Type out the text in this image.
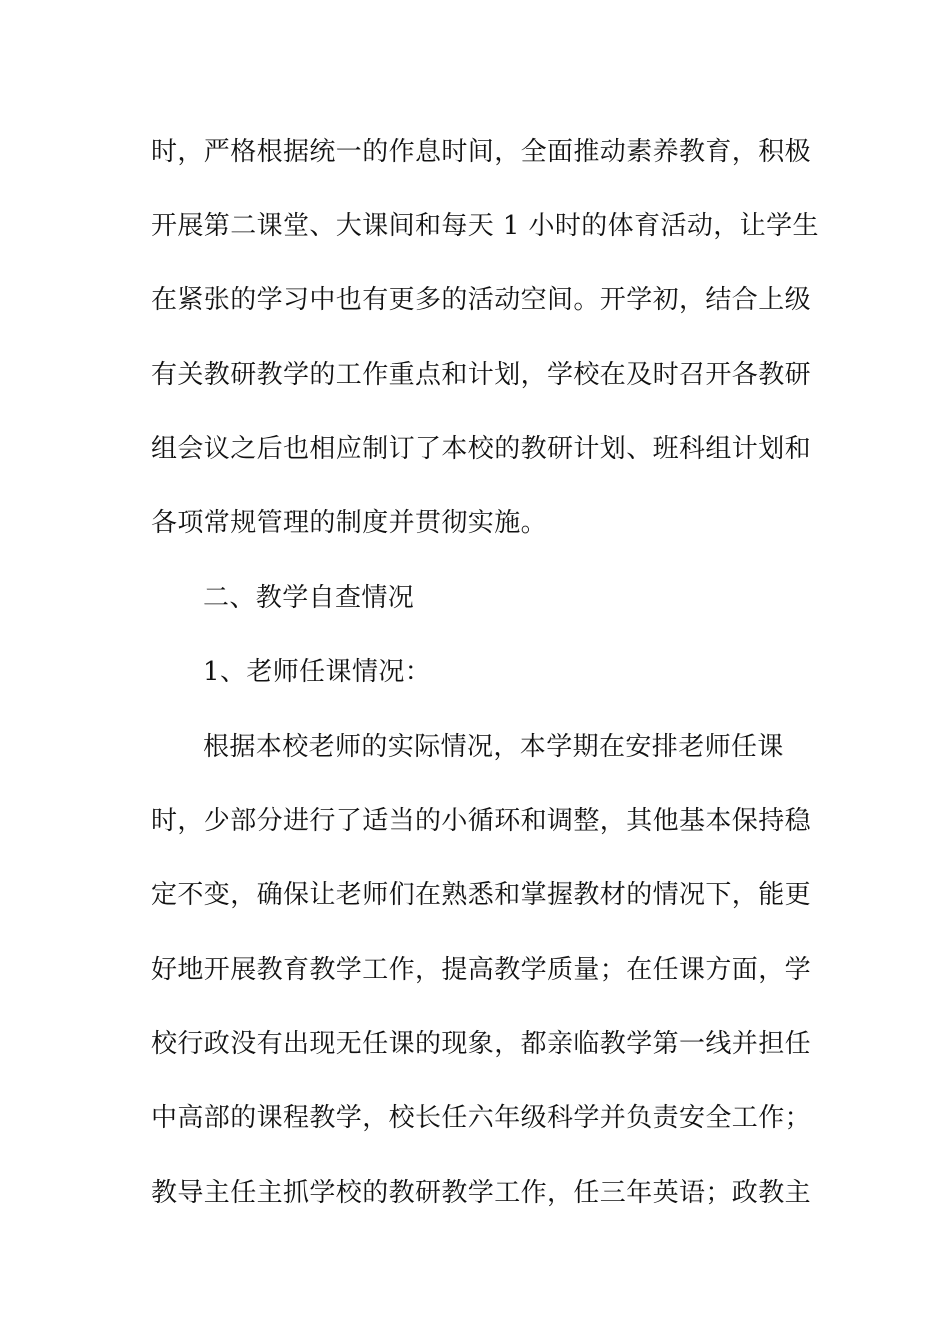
时，严格根据统一的作息时间，全面推动素养教育，积极
开展第二课堂、大课间和每天 1 小时的体育活动，让学生
在紧张的学习中也有更多的活动空间。开学初，结合上级
有关教研教学的工作重点和计划，学校在及时召开各教研
组会议之后也相应制订了本校的教研计划、班科组计划和
各项常规管理的制度并贯彻实施。
二、教学自查情况
1、老师任课情况：
根据本校老师的实际情况，本学期在安排老师任课
时，少部分进行了适当的小循环和调整，其他基本保持稳
定不变，确保让老师们在熟悉和掌握教材的情况下，能更
好地开展教育教学工作，提高教学质量；在任课方面，学
校行政没有出现无任课的现象，都亲临教学第一线并担任
中高部的课程教学，校长任六年级科学并负责安全工作；
教导主任主抓学校的教研教学工作，任三年英语；政教主
